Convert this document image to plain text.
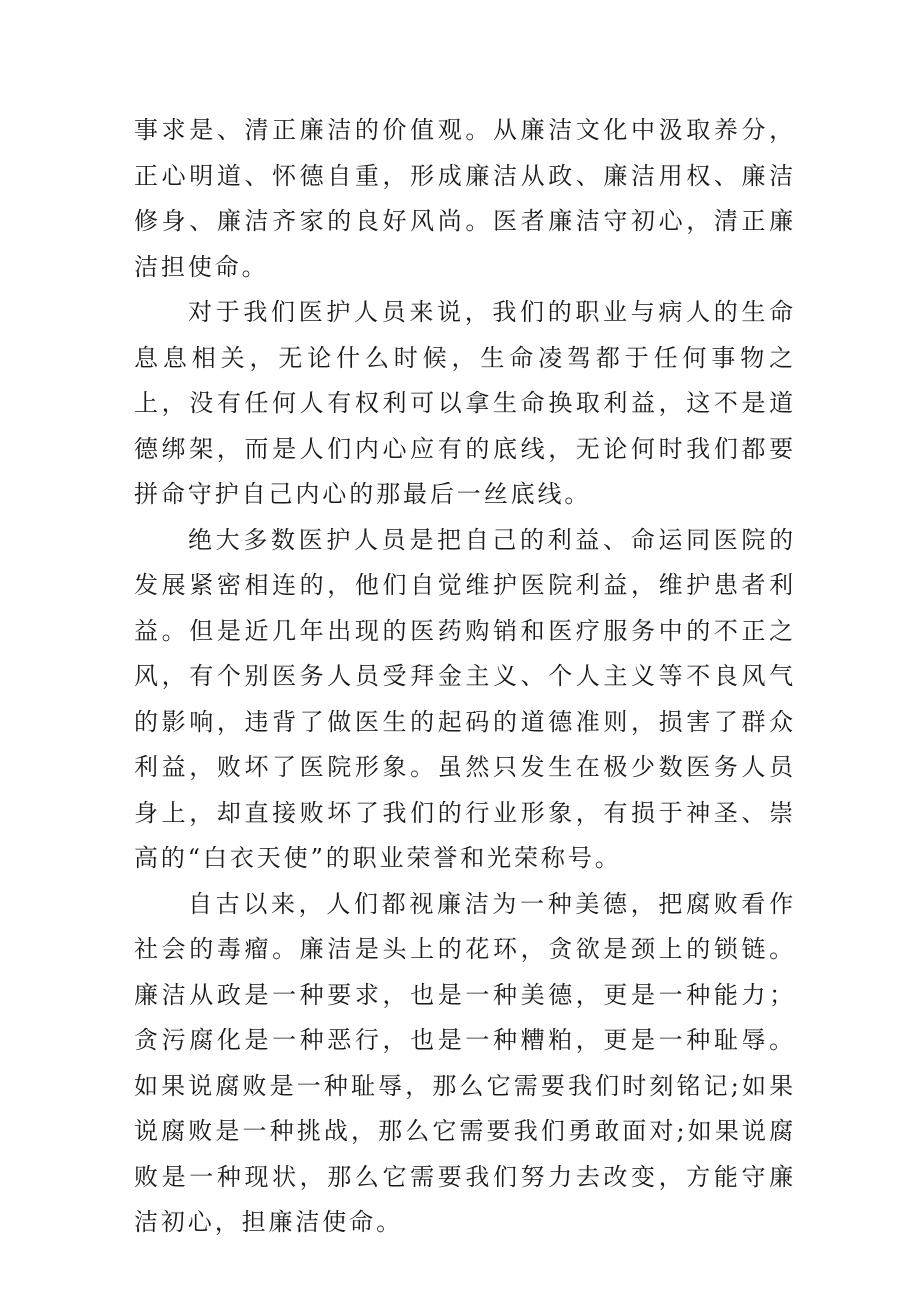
事求是、清正廉洁的价值观。从廉洁文化中汲取养分，正心明道、怀德自重，形成廉洁从政、廉洁用权、廉洁修身、廉洁齐家的良好风尚。医者廉洁守初心，清正廉洁担使命。

对于我们医护人员来说，我们的职业与病人的生命息息相关，无论什么时候，生命凌驾都于任何事物之上，没有任何人有权利可以拿生命换取利益，这不是道德绑架，而是人们内心应有的底线，无论何时我们都要拼命守护自己内心的那最后一丝底线。

绝大多数医护人员是把自己的利益、命运同医院的发展紧密相连的，他们自觉维护医院利益，维护患者利益。但是近几年出现的医药购销和医疗服务中的不正之风，有个别医务人员受拜金主义、个人主义等不良风气的影响，违背了做医生的起码的道德准则，损害了群众利益，败坏了医院形象。虽然只发生在极少数医务人员身上，却直接败坏了我们的行业形象，有损于神圣、崇高的“白衣天使”的职业荣誉和光荣称号。

自古以来，人们都视廉洁为一种美德，把腐败看作社会的毒瘤。廉洁是头上的花环，贪欲是颈上的锁链。廉洁从政是一种要求，也是一种美德，更是一种能力；贪污腐化是一种恶行，也是一种糟粕，更是一种耻辱。如果说腐败是一种耻辱，那么它需要我们时刻铭记;如果说腐败是一种挑战，那么它需要我们勇敢面对;如果说腐败是一种现状，那么它需要我们努力去改变，方能守廉洁初心，担廉洁使命。
